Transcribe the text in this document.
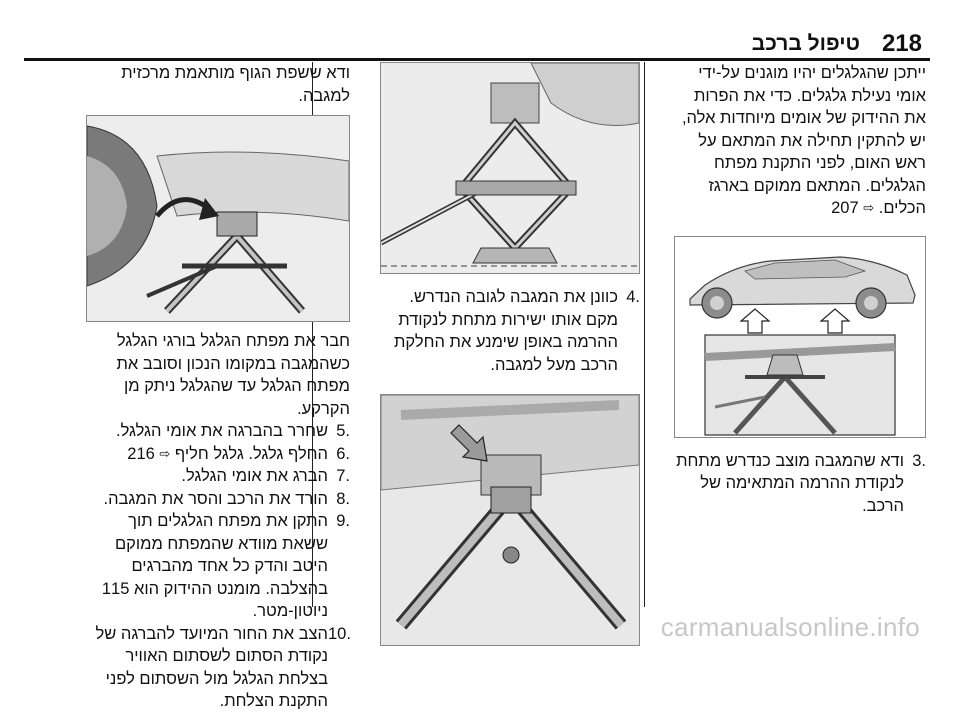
218
טיפול ברכב

ייתכן שהגלגלים יהיו מוגנים על-ידי אומי נעילת גלגלים. כדי את הפרות את ההידוק של אומים מיוחדות אלה, יש להתקין תחילה את המתאם על ראש האום, לפני התקנת מפתח הגלגלים. המתאם ממוקם בארגז הכלים. ⇨ 207

3.
ודא שהמגבה מוצב כנדרש מתחת לנקודת ההרמה המתאימה של הרכב.
4.
כוונן את המגבה לגובה הנדרש. מקם אותו ישירות מתחת לנקודת ההרמה באופן שימנע את החלקת הרכב מעל למגבה.

ודא ששפת הגוף מותאמת מרכזית למגבה.

חבר את מפתח הגלגל בורגי הגלגל כשהמגבה במקומו הנכון וסובב את מפתח הגלגל עד שהגלגל ניתק מן הקרקע.

5.
שחרר בהברגה את אומי הגלגל.
6.
החלף גלגל. גלגל חליף ⇨ 216
7.
הברג את אומי הגלגל.
8.
הורד את הרכב והסר את המגבה.
9.
התקן את מפתח הגלגלים תוך ששאת מוודא שהמפתח ממוקם היטב והדק כל אחד מהברגים בהצלבה. מומנט ההידוק הוא 115 ניוטון-מטר.
10.
הצב את החור המיועד להברגה של נקודת הסתום לשסתום האוויר בצלחת הגלגל מול השסתום לפני התקנת הצלחת.
carmanualsonline.info
